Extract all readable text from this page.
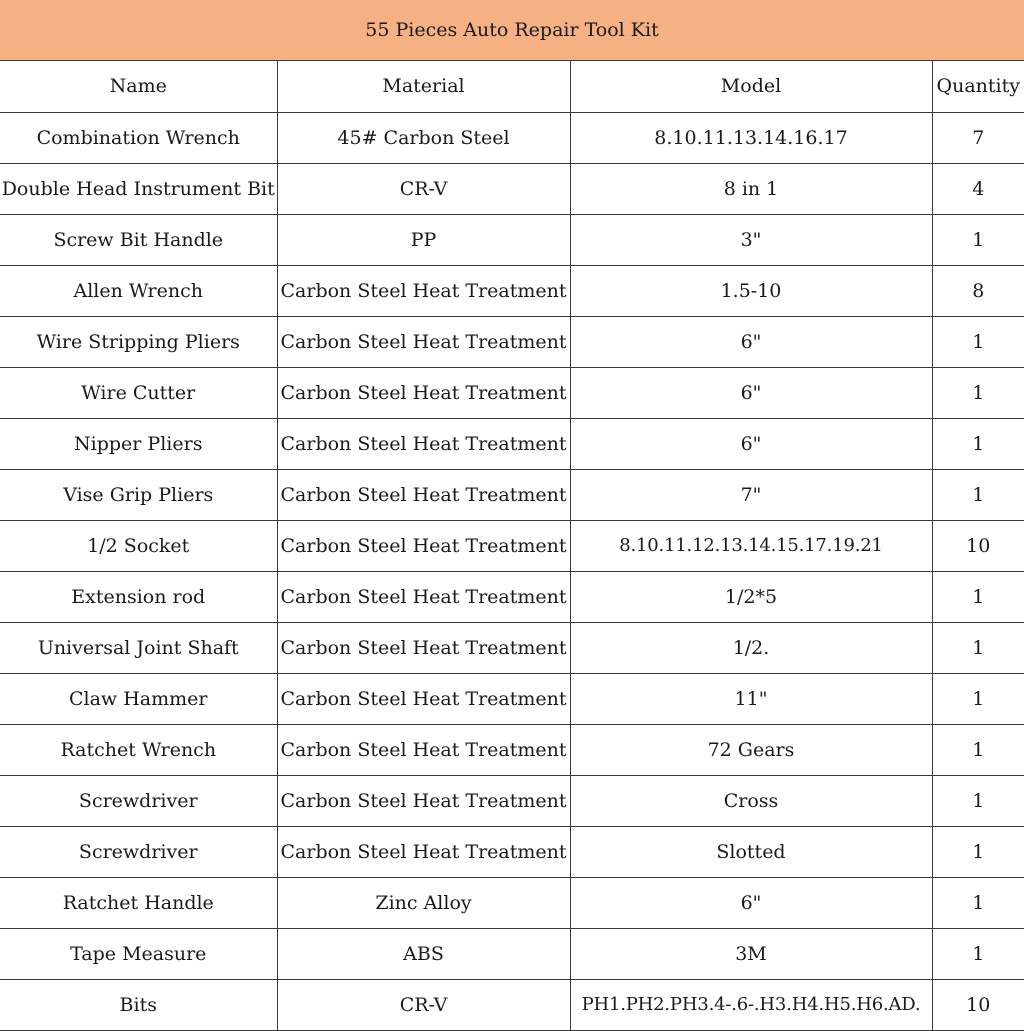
55 Pieces Auto Repair Tool Kit
Name	Material	Model	Quantity
Combination Wrench	45# Carbon Steel	8.10.11.13.14.16.17	7
Double Head Instrument Bit	CR-V	8 in 1	4
Screw Bit Handle	PP	3"	1
Allen Wrench	Carbon Steel Heat Treatment	1.5-10	8
Wire Stripping Pliers	Carbon Steel Heat Treatment	6"	1
Wire Cutter	Carbon Steel Heat Treatment	6"	1
Nipper Pliers	Carbon Steel Heat Treatment	6"	1
Vise Grip Pliers	Carbon Steel Heat Treatment	7"	1
1/2 Socket	Carbon Steel Heat Treatment	8.10.11.12.13.14.15.17.19.21	10
Extension rod	Carbon Steel Heat Treatment	1/2*5	1
Universal Joint Shaft	Carbon Steel Heat Treatment	1/2.	1
Claw Hammer	Carbon Steel Heat Treatment	11"	1
Ratchet Wrench	Carbon Steel Heat Treatment	72 Gears	1
Screwdriver	Carbon Steel Heat Treatment	Cross	1
Screwdriver	Carbon Steel Heat Treatment	Slotted	1
Ratchet Handle	Zinc Alloy	6"	1
Tape Measure	ABS	3M	1
Bits	CR-V	PH1.PH2.PH3.4-.6-.H3.H4.H5.H6.AD.	10
